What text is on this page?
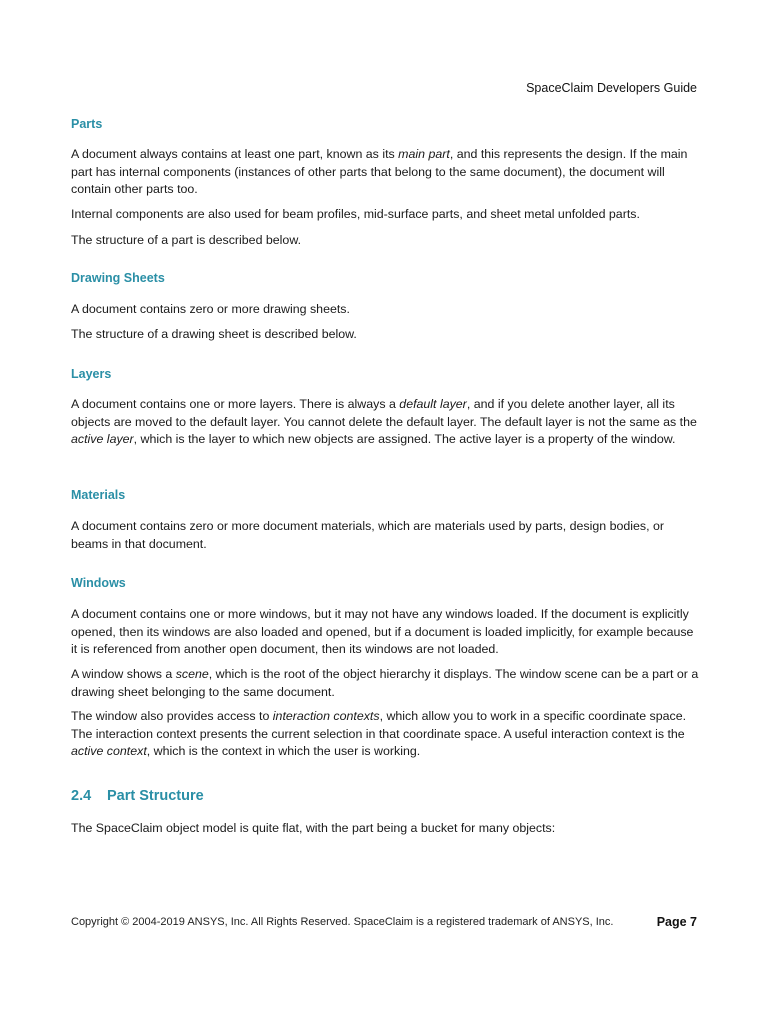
SpaceClaim Developers Guide
Parts

A document always contains at least one part, known as its main part, and this represents the design. If the main part has internal components (instances of other parts that belong to the same document), the document will contain other parts too.

Internal components are also used for beam profiles, mid-surface parts, and sheet metal unfolded parts.

The structure of a part is described below.

Drawing Sheets

A document contains zero or more drawing sheets.

The structure of a drawing sheet is described below.

Layers

A document contains one or more layers. There is always a default layer, and if you delete another layer, all its objects are moved to the default layer. You cannot delete the default layer. The default layer is not the same as the active layer, which is the layer to which new objects are assigned. The active layer is a property of the window.

Materials

A document contains zero or more document materials, which are materials used by parts, design bodies, or beams in that document.

Windows

A document contains one or more windows, but it may not have any windows loaded. If the document is explicitly opened, then its windows are also loaded and opened, but if a document is loaded implicitly, for example because it is referenced from another open document, then its windows are not loaded.

A window shows a scene, which is the root of the object hierarchy it displays. The window scene can be a part or a drawing sheet belonging to the same document.

The window also provides access to interaction contexts, which allow you to work in a specific coordinate space. The interaction context presents the current selection in that coordinate space. A useful interaction context is the active context, which is the context in which the user is working.

2.4 Part Structure

The SpaceClaim object model is quite flat, with the part being a bucket for many objects:

Copyright © 2004-2019 ANSYS, Inc. All Rights Reserved. SpaceClaim is a registered trademark of ANSYS, Inc.	Page 7
